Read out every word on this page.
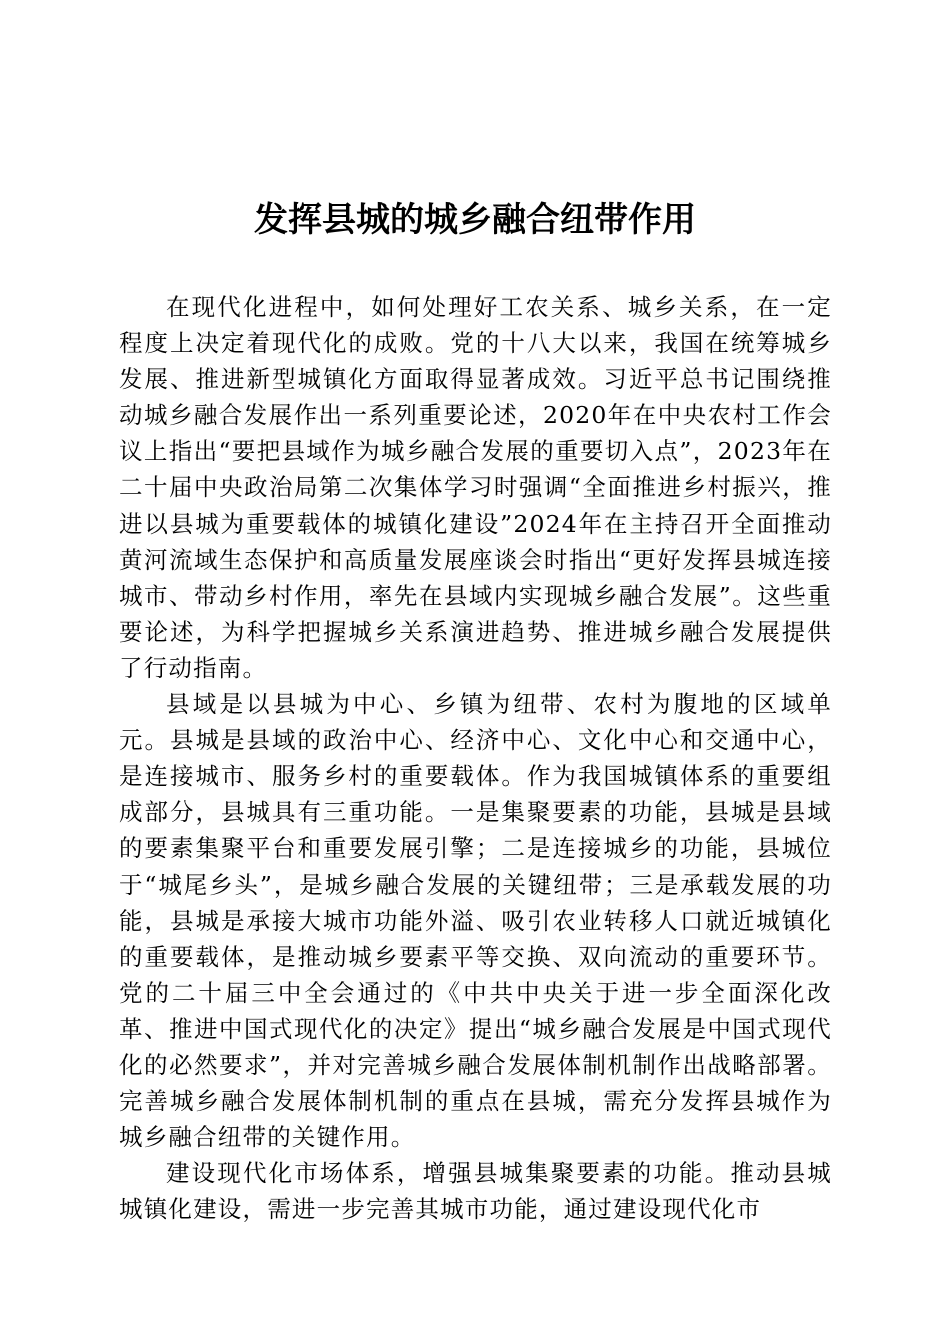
发挥县城的城乡融合纽带作用

在现代化进程中，如何处理好工农关系、城乡关系，在一定程度上决定着现代化的成败。党的十八大以来，我国在统筹城乡发展、推进新型城镇化方面取得显著成效。习近平总书记围绕推动城乡融合发展作出一系列重要论述，2020年在中央农村工作会议上指出“要把县域作为城乡融合发展的重要切入点”，2023年在二十届中央政治局第二次集体学习时强调“全面推进乡村振兴，推进以县城为重要载体的城镇化建设”2024年在主持召开全面推动黄河流域生态保护和高质量发展座谈会时指出“更好发挥县城连接城市、带动乡村作用，率先在县域内实现城乡融合发展”。这些重要论述，为科学把握城乡关系演进趋势、推进城乡融合发展提供了行动指南。

县域是以县城为中心、乡镇为纽带、农村为腹地的区域单元。县城是县域的政治中心、经济中心、文化中心和交通中心，是连接城市、服务乡村的重要载体。作为我国城镇体系的重要组成部分，县城具有三重功能。一是集聚要素的功能，县城是县域的要素集聚平台和重要发展引擎；二是连接城乡的功能，县城位于“城尾乡头”，是城乡融合发展的关键纽带；三是承载发展的功能，县城是承接大城市功能外溢、吸引农业转移人口就近城镇化的重要载体，是推动城乡要素平等交换、双向流动的重要环节。党的二十届三中全会通过的《中共中央关于进一步全面深化改革、推进中国式现代化的决定》提出“城乡融合发展是中国式现代化的必然要求”，并对完善城乡融合发展体制机制作出战略部署。完善城乡融合发展体制机制的重点在县城，需充分发挥县城作为城乡融合纽带的关键作用。

建设现代化市场体系，增强县城集聚要素的功能。推动县城城镇化建设，需进一步完善其城市功能，通过建设现代化市
